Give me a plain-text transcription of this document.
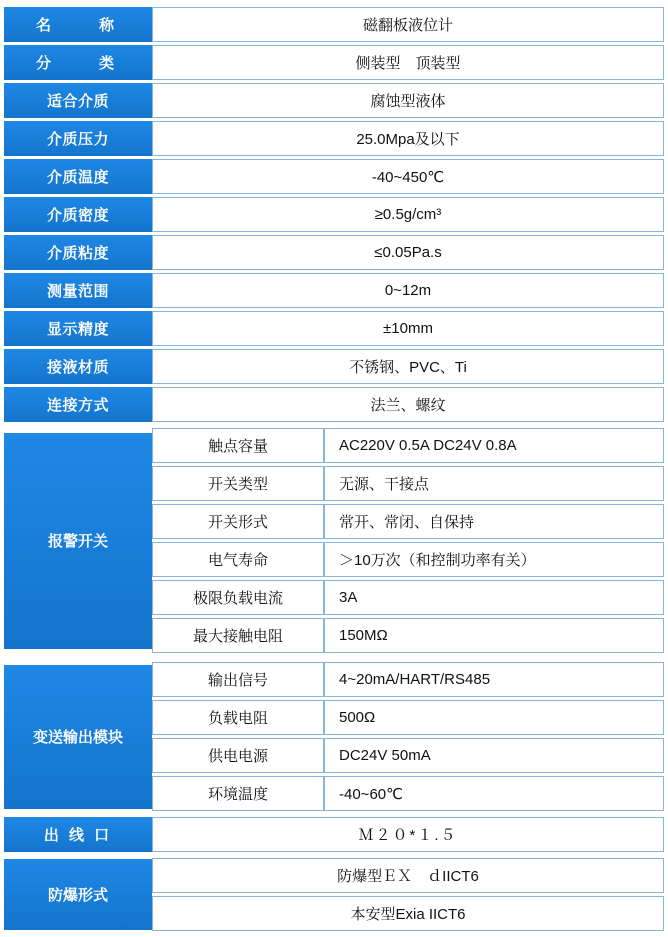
名　　称	磁翻板液位计
分　　类	侧装型　顶装型
适合介质	腐蚀型液体
介质压力	25.0Mpa及以下
介质温度	-40~450℃
介质密度	≥0.5g/cm³
介质粘度	≤0.05Pa.s
测量范围	0~12m
显示精度	±10mm
接液材质	不锈钢、PVC、Ti
连接方式	法兰、螺纹

报警开关

触点容量	AC220V 0.5A DC24V 0.8A
开关类型	无源、干接点
开关形式	常开、常闭、自保持
电气寿命	＞10万次（和控制功率有关）
极限负载电流	3A
最大接触电阻	150MΩ

变送输出模块

输出信号	4~20mA/HART/RS485
负载电阻	500Ω
供电电源	DC24V 50mA
环境温度	-40~60℃

出 线 口	Ｍ２０*１.５

防爆形式

防爆型ＥＸ　ｄIICT6
本安型Exia IICT6
